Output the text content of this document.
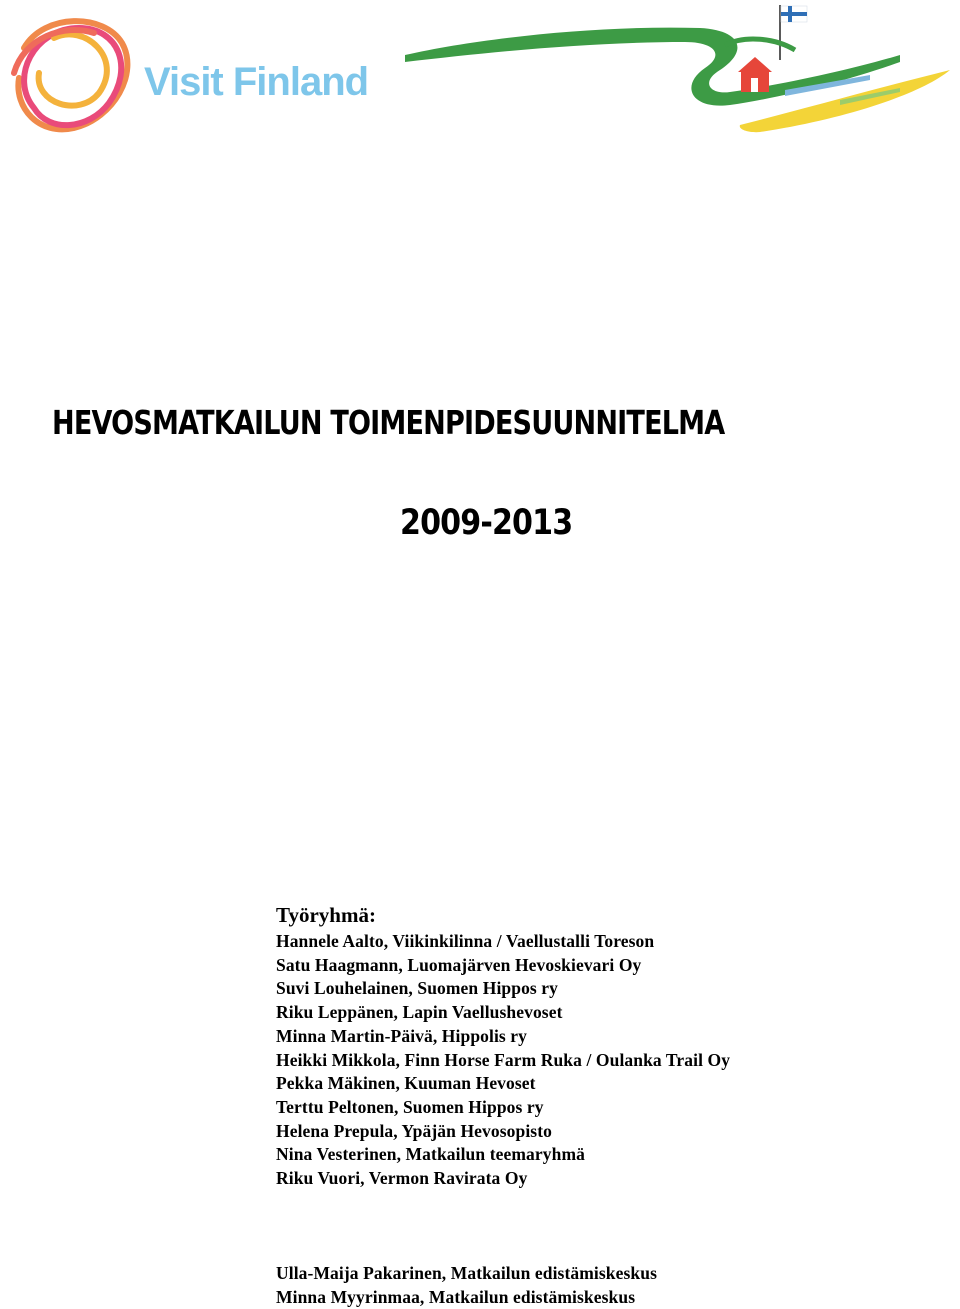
Visit Finland
HEVOSMATKAILUN TOIMENPIDESUUNNITELMA
2009-2013
Työryhmä:
Hannele Aalto, Viikinkilinna / Vaellustalli Toreson
Satu Haagmann, Luomajärven Hevoskievari Oy
Suvi Louhelainen, Suomen Hippos ry
Riku Leppänen, Lapin Vaellushevoset
Minna Martin-Päivä, Hippolis ry
Heikki Mikkola, Finn Horse Farm Ruka / Oulanka Trail Oy
Pekka Mäkinen, Kuuman Hevoset
Terttu Peltonen, Suomen Hippos ry
Helena Prepula, Ypäjän Hevosopisto
Nina Vesterinen, Matkailun teemaryhmä
Riku Vuori, Vermon Ravirata Oy
Ulla-Maija Pakarinen, Matkailun edistämiskeskus
Minna Myyrinmaa, Matkailun edistämiskeskus
